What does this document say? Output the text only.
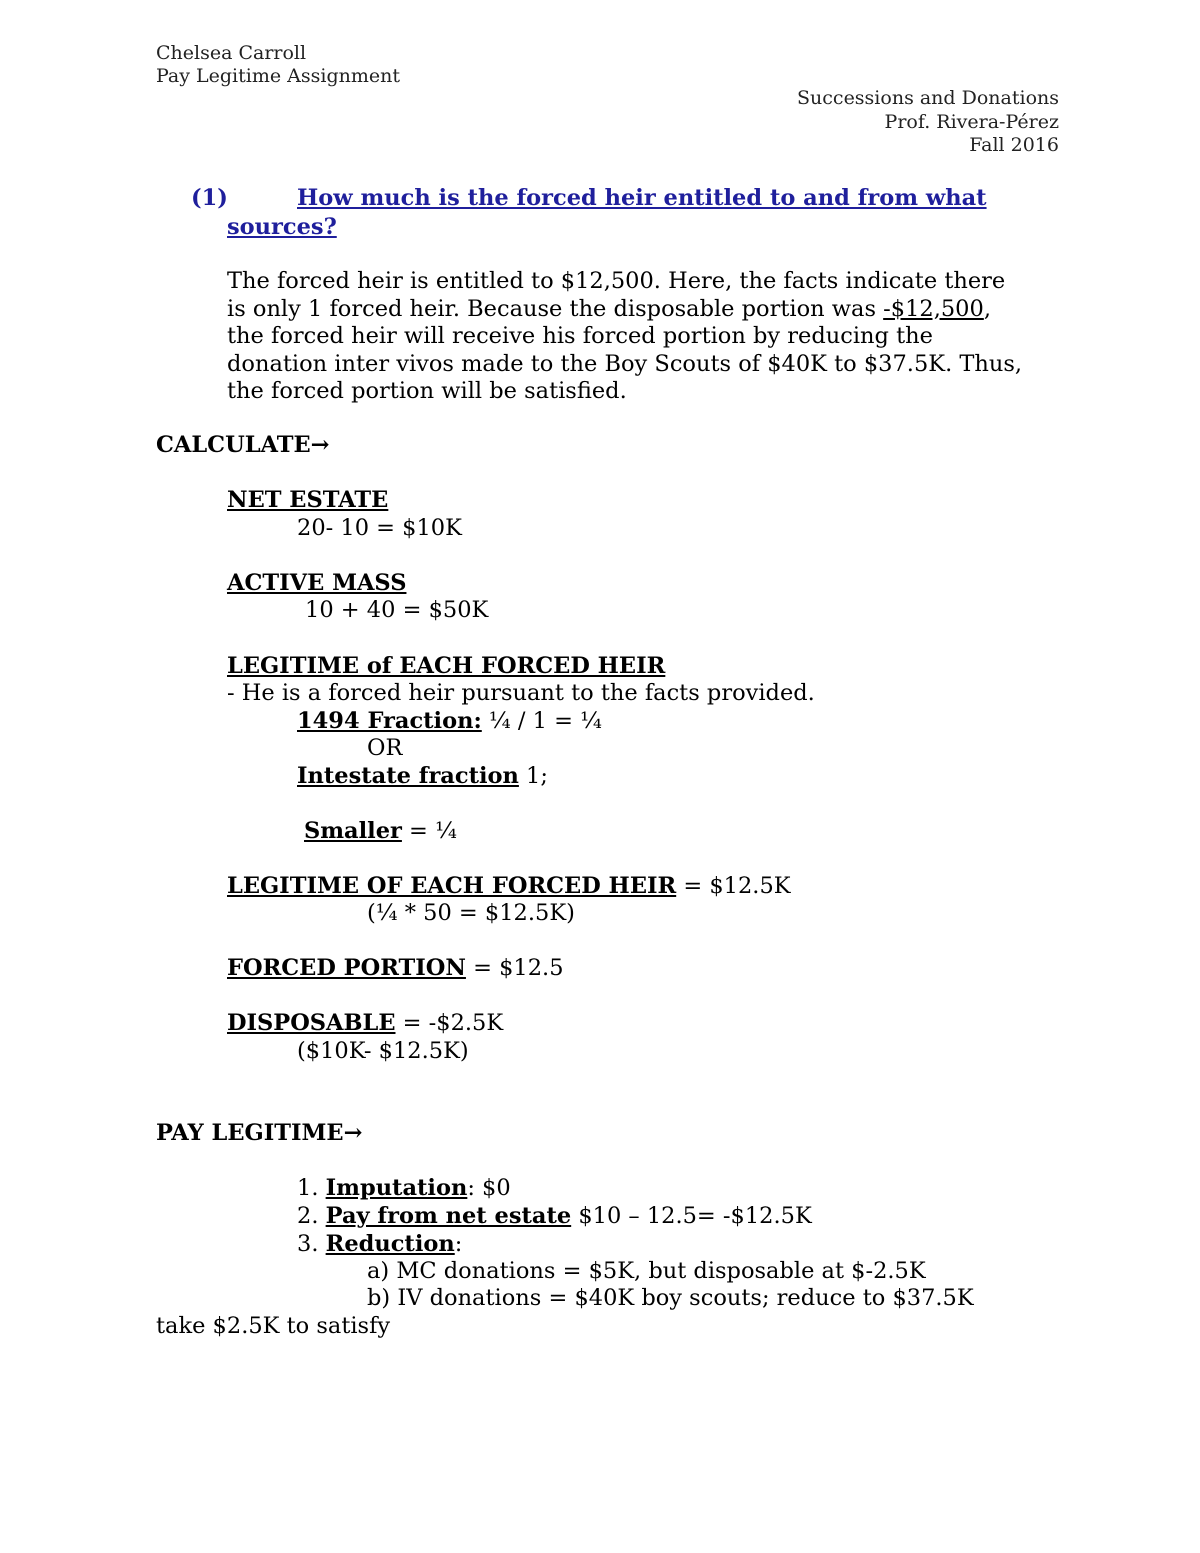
Chelsea Carroll
Pay Legitime Assignment
Successions and Donations
Prof. Rivera-Pérez
Fall 2016
(1)	How much is the forced heir entitled to and from what
sources?
The forced heir is entitled to $12,500. Here, the facts indicate there
is only 1 forced heir. Because the disposable portion was -$12,500,
the forced heir will receive his forced portion by reducing the
donation inter vivos made to the Boy Scouts of $40K to $37.5K. Thus,
the forced portion will be satisfied.
CALCULATE→
NET ESTATE
20- 10 = $10K
ACTIVE MASS
10 + 40 = $50K
LEGITIME of EACH FORCED HEIR
- He is a forced heir pursuant to the facts provided.
1494 Fraction: ¼ / 1 = ¼
OR
Intestate fraction 1;
Smaller = ¼
LEGITIME OF EACH FORCED HEIR = $12.5K
(¼ * 50 = $12.5K)
FORCED PORTION = $12.5
DISPOSABLE = -$2.5K
($10K- $12.5K)
PAY LEGITIME→
1. Imputation: $0
2. Pay from net estate $10 – 12.5= -$12.5K
3. Reduction:
a) MC donations = $5K, but disposable at $-2.5K
b) IV donations = $40K boy scouts; reduce to $37.5K
take $2.5K to satisfy
